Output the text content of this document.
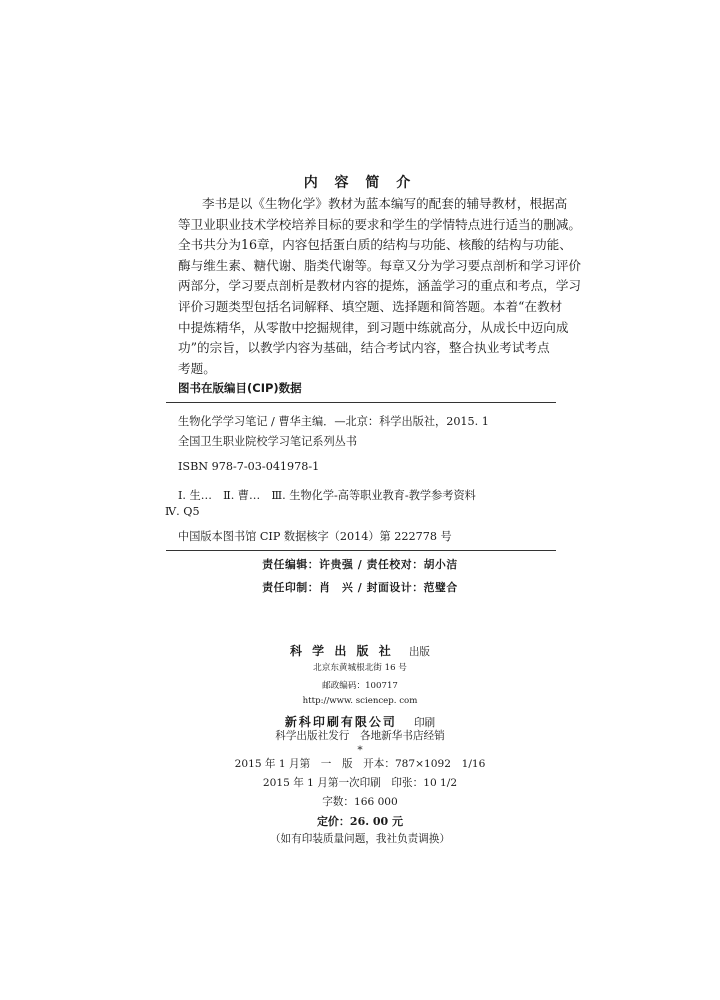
内 容 简 介

李书是以《生物化学》教材为蓝本编写的配套的辅导教材，根据高

等卫业职业技术学校培养目标的要求和学生的学情特点进行适当的删减。

全书共分为16章，内容包括蛋白质的结构与功能、核酸的结构与功能、

酶与维生素、糖代谢、脂类代谢等。每章又分为学习要点剖析和学习评价

两部分，学习要点剖析是教材内容的提炼，涵盖学习的重点和考点，学习

评价习题类型包括名词解释、填空题、选择题和简答题。本着“在教材

中提炼精华，从零散中挖掘规律，到习题中练就高分，从成长中迈向成

功”的宗旨，以教学内容为基础，结合考试内容，整合执业考试考点

考题。

图书在版编目(CIP)数据
生物化学学习笔记 / 曹华主编．—北京：科学出版社，2015. 1
全国卫生职业院校学习笔记系列丛书
ISBN 978-7-03-041978-1
Ⅰ. 生…　Ⅱ. 曹…　Ⅲ. 生物化学-高等职业教育-教学参考资料
Ⅳ. Q5
中国版本图书馆 CIP 数据核字（2014）第 222778 号
责任编辑：许贵强 / 责任校对：胡小洁
责任印制：肖　兴 / 封面设计：范璧合
科 学 出 版 社 出版
北京东黄城根北街 16 号
邮政编码：100717
http://www. sciencep. com
新科印刷有限公司 印刷
科学出版社发行　各地新华书店经销
*
2015 年 1 月第　一　版　开本：787×1092　1/16
2015 年 1 月第一次印刷　印张：10 1/2
字数：166 000
定价：26. 00 元
（如有印装质量问题，我社负责调换）
